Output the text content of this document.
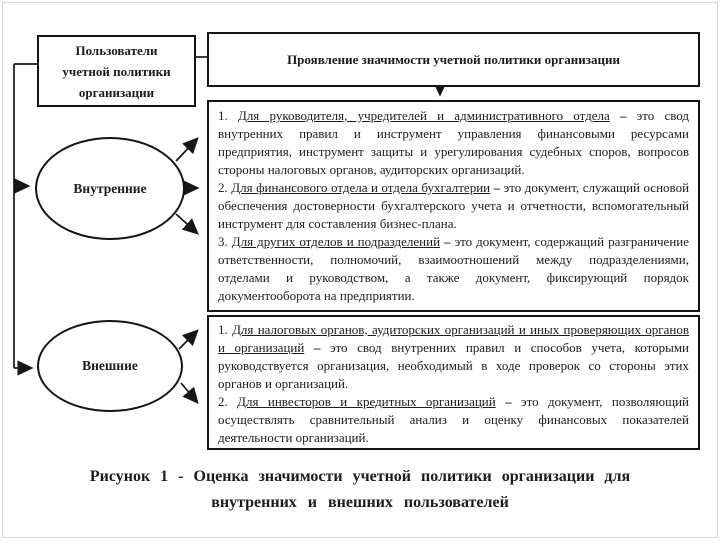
Пользователи учетной политики организации
Проявление значимости учетной политики организации
Внутренние
Внешние

1. Для руководителя, учредителей и административного отдела – это свод внутренних правил и инструмент управления финансовыми ресурсами предприятия, инструмент защиты и урегулирования судебных споров, вопросов стороны налоговых органов, аудиторских организаций.

2. Для финансового отдела и отдела бухгалтерии – это документ, служащий основой обеспечения достоверности бухгалтерского учета и отчетности, вспомогательный инструмент для составления бизнес-плана.

3. Для других отделов и подразделений – это документ, содержащий разграничение ответственности, полномочий, взаимоотношений между подразделениями, отделами и руководством, а также документ, фиксирующий порядок документооборота на предприятии.

1. Для налоговых органов, аудиторских организаций и иных проверяющих органов и организаций – это свод внутренних правил и способов учета, которыми руководствуется организация, необходимый в ходе проверок со стороны этих органов и организаций.

2. Для инвесторов и кредитных организаций – это документ, позволяющий осуществлять сравнительный анализ и оценку финансовых показателей деятельности организаций.

Рисунок 1 - Оценка значимости учетной политики организации для
внутренних и внешних пользователей
